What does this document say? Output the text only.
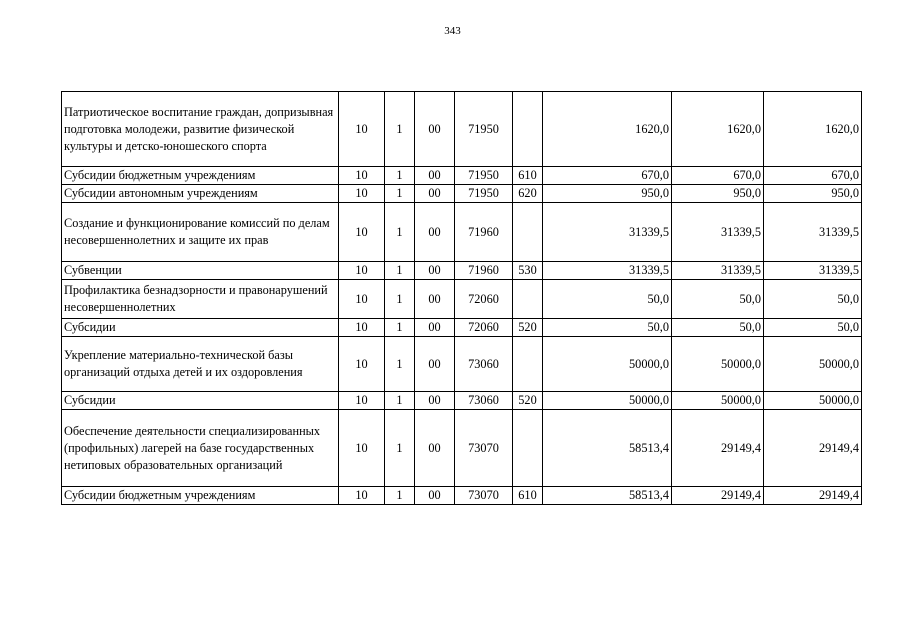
343
Патриотическое воспитание граждан, допризывная подготовка молодежи, развитие физической культуры и детско-юношеского спорта	10	1	00	71950		1620,0	1620,0	1620,0
Субсидии бюджетным учреждениям	10	1	00	71950	610	670,0	670,0	670,0
Субсидии автономным учреждениям	10	1	00	71950	620	950,0	950,0	950,0
Создание и функционирование комиссий по делам несовершеннолетних и защите их прав	10	1	00	71960		31339,5	31339,5	31339,5
Субвенции	10	1	00	71960	530	31339,5	31339,5	31339,5
Профилактика безнадзорности и правонарушений несовершеннолетних	10	1	00	72060		50,0	50,0	50,0
Субсидии	10	1	00	72060	520	50,0	50,0	50,0
Укрепление материально-технической базы организаций отдыха детей и их оздоровления	10	1	00	73060		50000,0	50000,0	50000,0
Субсидии	10	1	00	73060	520	50000,0	50000,0	50000,0
Обеспечение деятельности специализированных (профильных) лагерей на базе государственных нетиповых образовательных организаций	10	1	00	73070		58513,4	29149,4	29149,4
Субсидии бюджетным учреждениям	10	1	00	73070	610	58513,4	29149,4	29149,4
